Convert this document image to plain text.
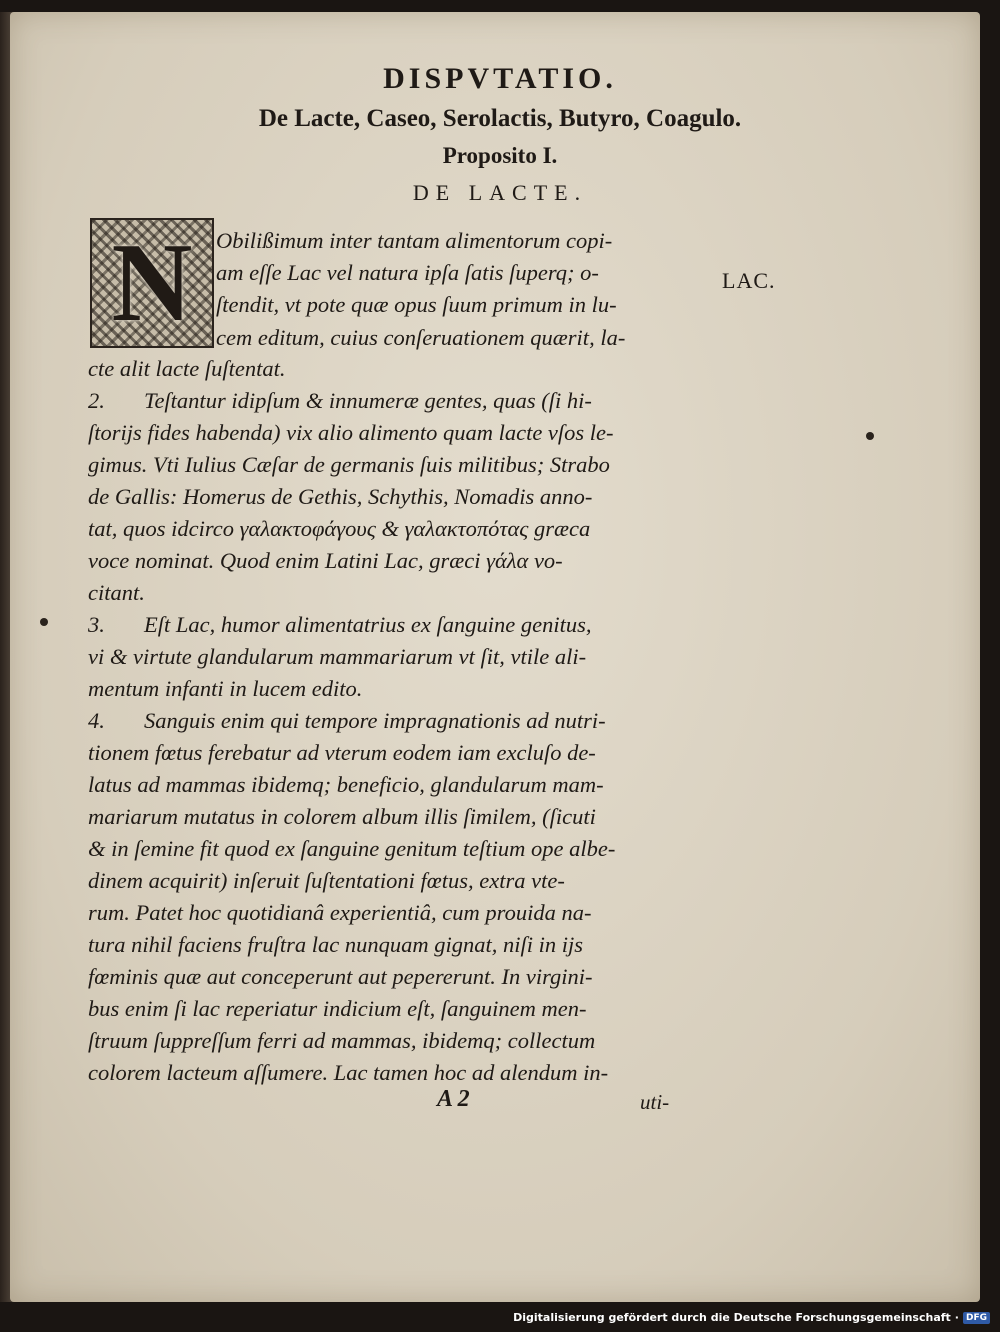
DISPVTATIO.
De Lacte, Caseo, Serolactis, Butyro, Coagulo.
Proposito I.
DE LACTE.
N	LAC.
Obilißimum inter tantam alimentorum copi-
am eſſe Lac vel natura ipſa ſatis ſuperq; o-
ſtendit, vt pote quæ opus ſuum primum in lu-
cem editum, cuius conſeruationem quærit, la-
cte alit lacte ſuſtentat.
2. Teſtantur idipſum & innumeræ gentes, quas (ſi hi-
ſtorijs fides habenda) vix alio alimento quam lacte vſos le-
gimus. Vti Iulius Cæſar de germanis ſuis militibus; Strabo
de Gallis: Homerus de Gethis, Schythis, Nomadis anno-
tat, quos idcirco γαλακτοφάγους & γαλακτοπότας græca
voce nominat. Quod enim Latini Lac, græci γάλα vo-
citant.
3. Eſt Lac, humor alimentatrius ex ſanguine genitus,
vi & virtute glandularum mammariarum vt ſit, vtile ali-
mentum infanti in lucem edito.
4. Sanguis enim qui tempore impragnationis ad nutri-
tionem fœtus ferebatur ad vterum eodem iam excluſo de-
latus ad mammas ibidemq; beneficio, glandularum mam-
mariarum mutatus in colorem album illis ſimilem, (ſicuti
& in ſemine fit quod ex ſanguine genitum teſtium ope albe-
dinem acquirit) inſeruit ſuſtentationi fœtus, extra vte-
rum. Patet hoc quotidianâ experientiâ, cum prouida na-
tura nihil faciens fruſtra lac nunquam gignat, niſi in ijs
fœminis quæ aut conceperunt aut pepererunt. In virgini-
bus enim ſi lac reperiatur indicium eſt, ſanguinem men-
ſtruum ſuppreſſum ferri ad mammas, ibidemq; collectum
colorem lacteum aſſumere. Lac tamen hoc ad alendum in-
A 2	uti-
Digitalisierung gefördert durch die Deutsche Forschungsgemeinschaft · DFG
